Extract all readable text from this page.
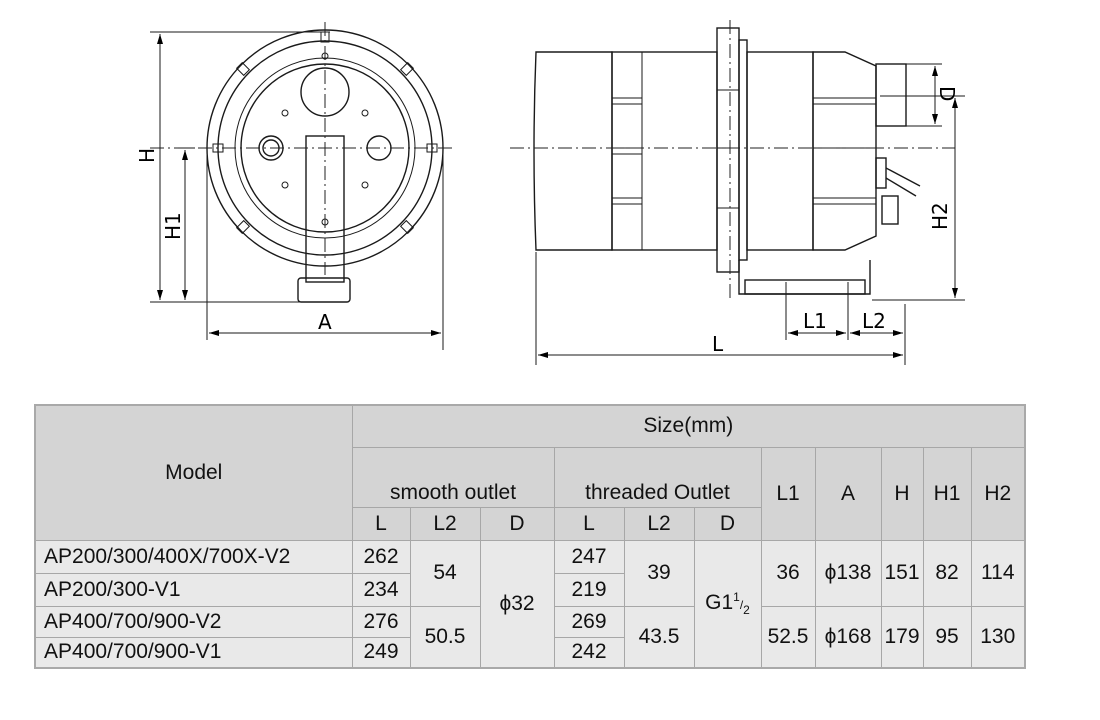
H
H1
A
D
H2
L
L1 L2
Model	Size(mm)										
	smooth outlet			threaded Outlet			L1	A	H	H1	H2
	L	L2	D	L	L2	D					
AP200/300/400X/700X-V2	262	54	ϕ32	247	39	$G1^1/_2$	36	ϕ138	151	82	114
AP200/300-V1	234			219							
AP400/700/900-V2	276	50.5		269	43.5		52.5	ϕ168	179	95	130
AP400/700/900-V1	249			242							
